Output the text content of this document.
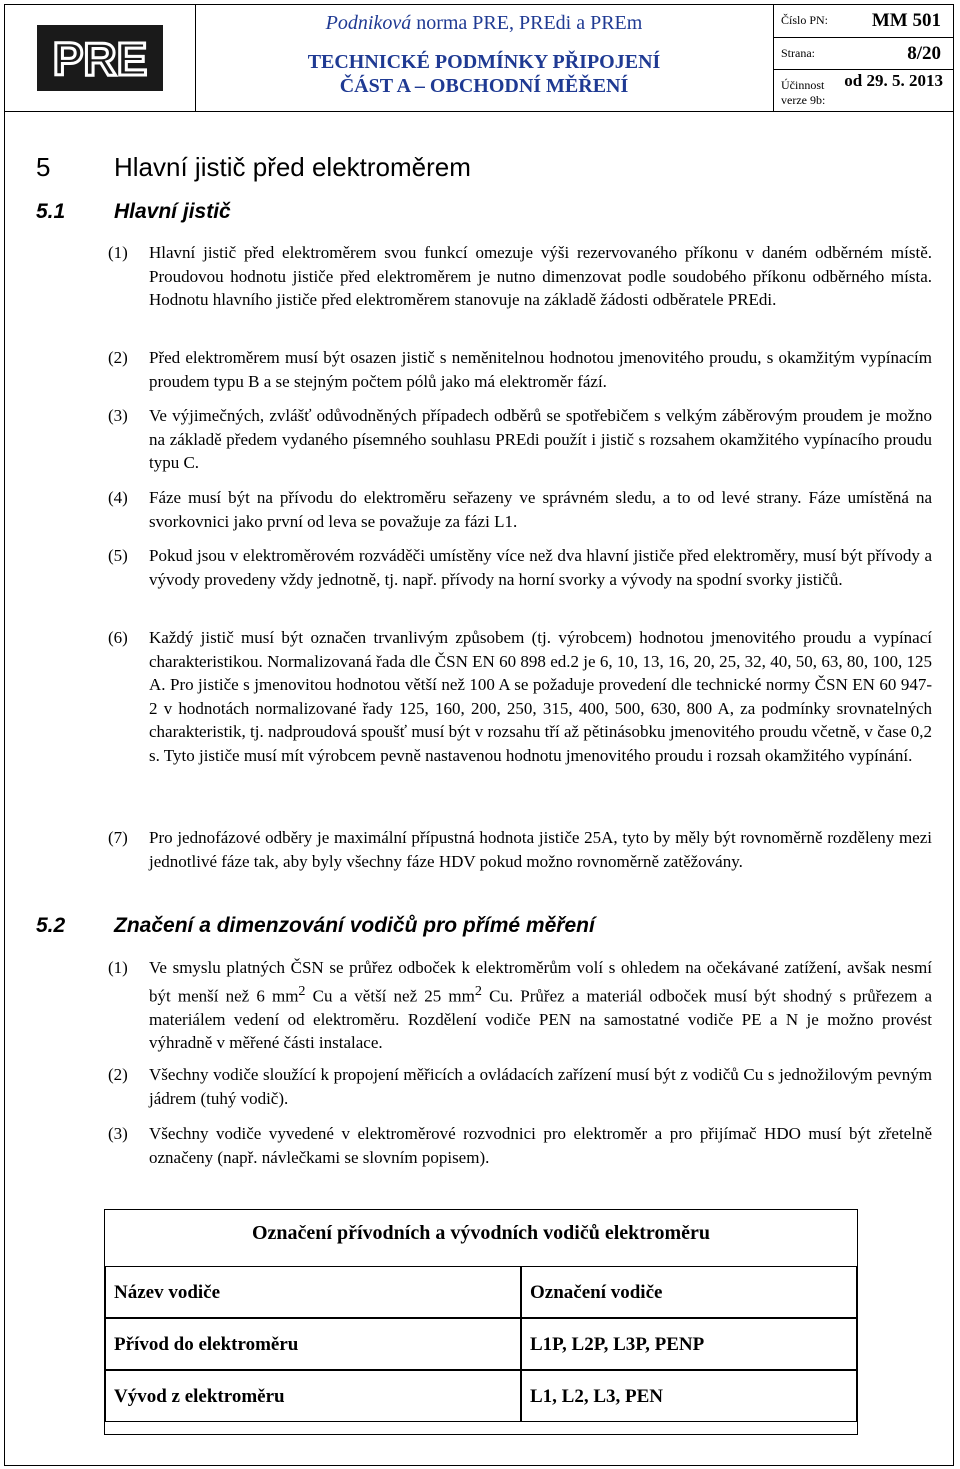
PRE
Podniková norma PRE, PREdi a PREm
TECHNICKÉ PODMÍNKY PŘIPOJENÍ
ČÁST A – OBCHODNÍ MĚŘENÍ
Číslo PN: MM 501
Strana:	8/20
Účinnost od 29. 5. 2013
verze 9b:
5 Hlavní jistič před elektroměrem
5.1 Hlavní jistič
(1) Hlavní jistič před elektroměrem svou funkcí omezuje výši rezervovaného příkonu v daném odběrném místě. Proudovou hodnotu jističe před elektroměrem je nutno dimenzovat podle soudobého příkonu odběrného místa. Hodnotu hlavního jističe před elektroměrem stanovuje na základě žádosti odběratele PREdi.
(2) Před elektroměrem musí být osazen jistič s neměnitelnou hodnotou jmenovitého proudu, s okamžitým vypínacím proudem typu B a se stejným počtem pólů jako má elektroměr fází.
(3) Ve výjimečných, zvlášť odůvodněných případech odběrů se spotřebičem s velkým záběrovým proudem je možno na základě předem vydaného písemného souhlasu PREdi použít i jistič s rozsahem okamžitého vypínacího proudu typu C.
(4) Fáze musí být na přívodu do elektroměru seřazeny ve správném sledu, a to od levé strany. Fáze umístěná na svorkovnici jako první od leva se považuje za fázi L1.
(5) Pokud jsou v elektroměrovém rozváděči umístěny více než dva hlavní jističe před elektroměry, musí být přívody a vývody provedeny vždy jednotně, tj. např. přívody na horní svorky a vývody na spodní svorky jističů.
(6) Každý jistič musí být označen trvanlivým způsobem (tj. výrobcem) hodnotou jmenovitého proudu a vypínací charakteristikou. Normalizovaná řada dle ČSN EN 60 898 ed.2 je 6, 10, 13, 16, 20, 25, 32, 40, 50, 63, 80, 100, 125 A. Pro jističe s jmenovitou hodnotou větší než 100 A se požaduje provedení dle technické normy ČSN EN 60 947-2 v hodnotách normalizované řady 125, 160, 200, 250, 315, 400, 500, 630, 800 A, za podmínky srovnatelných charakteristik, tj. nadproudová spoušť musí být v rozsahu tří až pětinásobku jmenovitého proudu včetně, v čase 0,2 s. Tyto jističe musí mít výrobcem pevně nastavenou hodnotu jmenovitého proudu i rozsah okamžitého vypínání.
(7) Pro jednofázové odběry je maximální přípustná hodnota jističe 25A, tyto by měly být rovnoměrně rozděleny mezi jednotlivé fáze tak, aby byly všechny fáze HDV pokud možno rovnoměrně zatěžovány.
5.2 Značení a dimenzování vodičů pro přímé měření
(1) Ve smyslu platných ČSN se průřez odboček k elektroměrům volí s ohledem na očekávané zatížení, avšak nesmí být menší než 6 $mm^2$ Cu a větší než 25 $mm^2$ Cu. Průřez a materiál odboček musí být shodný s průřezem a materiálem vedení od elektroměru. Rozdělení vodiče PEN na samostatné vodiče PE a N je možno provést výhradně v měřené části instalace.
(2) Všechny vodiče sloužící k propojení měřicích a ovládacích zařízení musí být z vodičů Cu s jednožilovým pevným jádrem (tuhý vodič).
(3) Všechny vodiče vyvedené v elektroměrové rozvodnici pro elektroměr a pro přijímač HDO musí být zřetelně označeny (např. návlečkami se slovním popisem).
Označení přívodních a vývodních vodičů elektroměru
Název vodiče	Označení vodiče
Přívod do elektroměru	L1P, L2P, L3P, PENP
Vývod z elektroměru	L1, L2, L3, PEN
